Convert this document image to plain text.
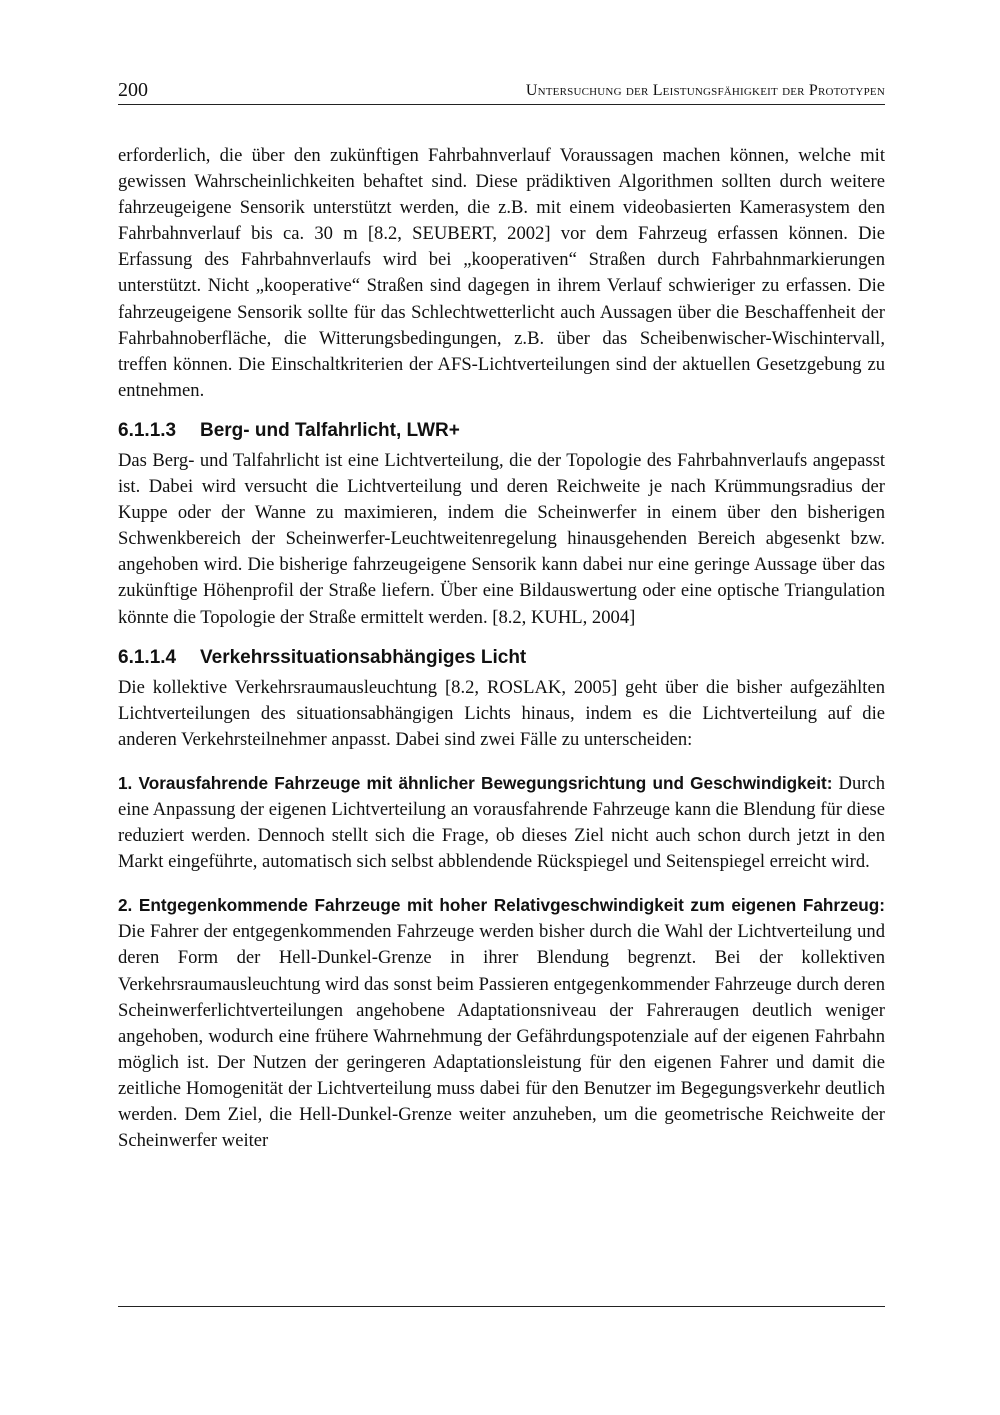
200	Untersuchung der Leistungsfähigkeit der Prototypen

erforderlich, die über den zukünftigen Fahrbahnverlauf Voraussagen machen können, welche mit gewissen Wahrscheinlichkeiten behaftet sind. Diese prädiktiven Algorithmen sollten durch weitere fahrzeugeigene Sensorik unterstützt werden, die z.B. mit einem videobasierten Kamerasystem den Fahrbahnverlauf bis ca. 30 m [8.2, SEUBERT, 2002] vor dem Fahrzeug erfassen können. Die Erfassung des Fahrbahnverlaufs wird bei „kooperativen“ Straßen durch Fahrbahnmarkierungen unterstützt. Nicht „kooperative“ Straßen sind dagegen in ihrem Verlauf schwieriger zu erfassen. Die fahrzeugeigene Sensorik sollte für das Schlechtwetterlicht auch Aussagen über die Beschaffenheit der Fahrbahnoberfläche, die Witterungsbedingungen, z.B. über das Scheibenwischer-Wischintervall, treffen können. Die Einschaltkriterien der AFS-Lichtverteilungen sind der aktuellen Gesetzgebung zu entnehmen.

6.1.1.3 Berg- und Talfahrlicht, LWR+

Das Berg- und Talfahrlicht ist eine Lichtverteilung, die der Topologie des Fahrbahnverlaufs angepasst ist. Dabei wird versucht die Lichtverteilung und deren Reichweite je nach Krümmungsradius der Kuppe oder der Wanne zu maximieren, indem die Scheinwerfer in einem über den bisherigen Schwenkbereich der Scheinwerfer-Leuchtweitenregelung hinausgehenden Bereich abgesenkt bzw. angehoben wird. Die bisherige fahrzeugeigene Sensorik kann dabei nur eine geringe Aussage über das zukünftige Höhenprofil der Straße liefern. Über eine Bildauswertung oder eine optische Triangulation könnte die Topologie der Straße ermittelt werden. [8.2, KUHL, 2004]

6.1.1.4 Verkehrssituationsabhängiges Licht

Die kollektive Verkehrsraumausleuchtung [8.2, ROSLAK, 2005] geht über die bisher aufgezählten Lichtverteilungen des situationsabhängigen Lichts hinaus, indem es die Lichtverteilung auf die anderen Verkehrsteilnehmer anpasst. Dabei sind zwei Fälle zu unterscheiden:

1. Vorausfahrende Fahrzeuge mit ähnlicher Bewegungsrichtung und Geschwindigkeit: Durch eine Anpassung der eigenen Lichtverteilung an vorausfahrende Fahrzeuge kann die Blendung für diese reduziert werden. Dennoch stellt sich die Frage, ob dieses Ziel nicht auch schon durch jetzt in den Markt eingeführte, automatisch sich selbst abblendende Rückspiegel und Seitenspiegel erreicht wird.

2. Entgegenkommende Fahrzeuge mit hoher Relativgeschwindigkeit zum eigenen Fahrzeug: Die Fahrer der entgegenkommenden Fahrzeuge werden bisher durch die Wahl der Lichtverteilung und deren Form der Hell-Dunkel-Grenze in ihrer Blendung begrenzt. Bei der kollektiven Verkehrsraumausleuchtung wird das sonst beim Passieren entgegenkommender Fahrzeuge durch deren Scheinwerferlichtverteilungen angehobene Adaptationsniveau der Fahreraugen deutlich weniger angehoben, wodurch eine frühere Wahrnehmung der Gefährdungspotenziale auf der eigenen Fahrbahn möglich ist. Der Nutzen der geringeren Adaptationsleistung für den eigenen Fahrer und damit die zeitliche Homogenität der Lichtverteilung muss dabei für den Benutzer im Begegungsverkehr deutlich werden. Dem Ziel, die Hell-Dunkel-Grenze weiter anzuheben, um die geometrische Reichweite der Scheinwerfer weiter
